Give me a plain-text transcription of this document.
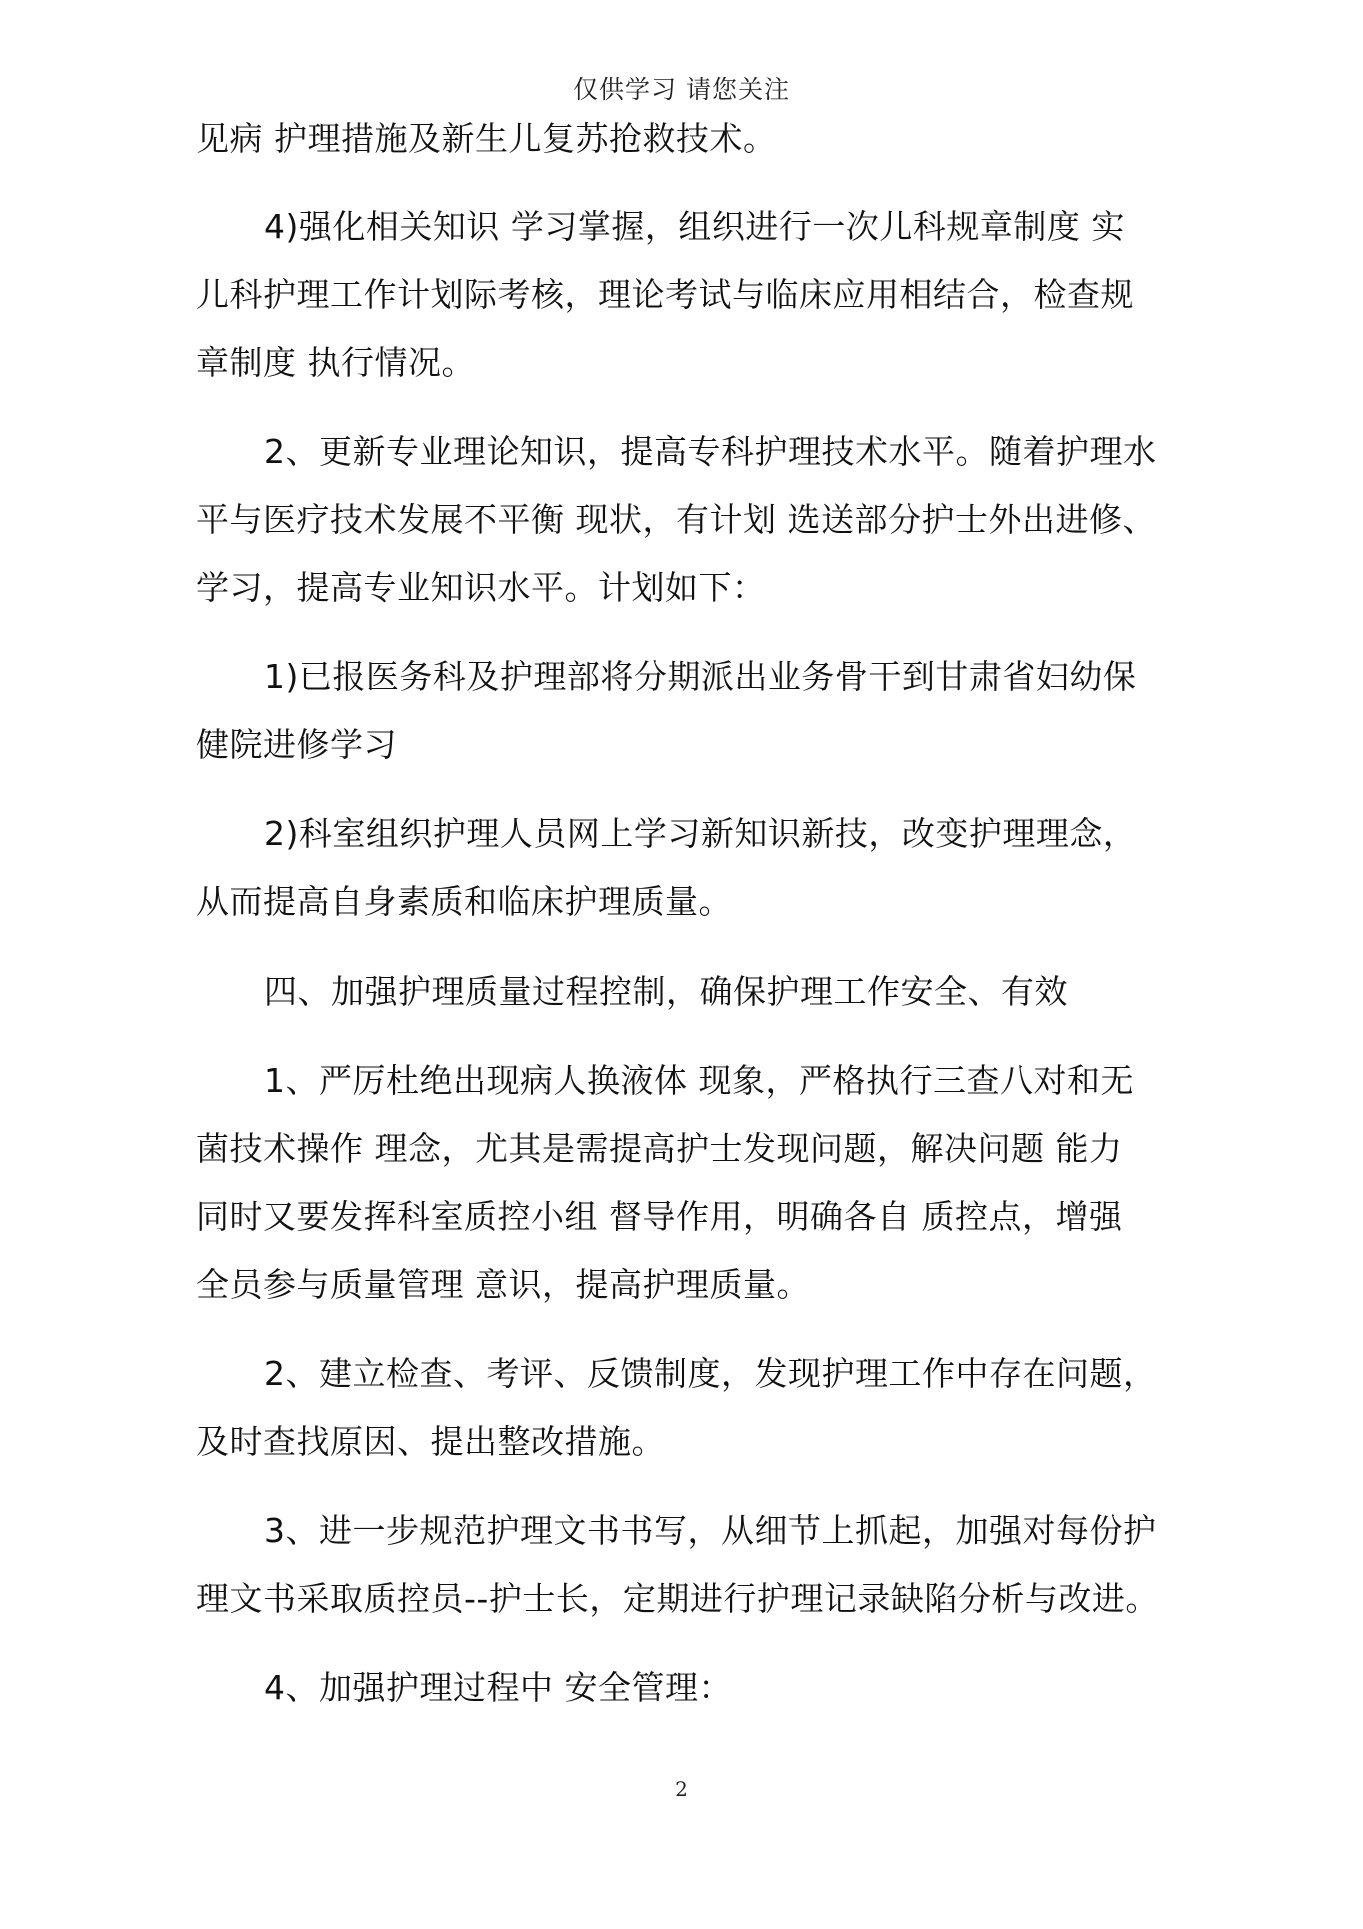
仅供学习 请您关注
见病 护理措施及新生儿复苏抢救技术。
4)强化相关知识 学习掌握，组织进行一次儿科规章制度 实
儿科护理工作计划际考核，理论考试与临床应用相结合，检查规
章制度 执行情况。
2、更新专业理论知识，提高专科护理技术水平。随着护理水
平与医疗技术发展不平衡 现状，有计划 选送部分护士外出进修、
学习，提高专业知识水平。计划如下：
1)已报医务科及护理部将分期派出业务骨干到甘肃省妇幼保
健院进修学习
2)科室组织护理人员网上学习新知识新技，改变护理理念，
从而提高自身素质和临床护理质量。
四、加强护理质量过程控制，确保护理工作安全、有效
1、严厉杜绝出现病人换液体 现象，严格执行三查八对和无
菌技术操作 理念，尤其是需提高护士发现问题，解决问题 能力
同时又要发挥科室质控小组 督导作用，明确各自 质控点，增强
全员参与质量管理 意识，提高护理质量。
2、建立检查、考评、反馈制度，发现护理工作中存在问题，
及时查找原因、提出整改措施。
3、进一步规范护理文书书写，从细节上抓起，加强对每份护
理文书采取质控员--护士长，定期进行护理记录缺陷分析与改进。
4、加强护理过程中 安全管理：
2
